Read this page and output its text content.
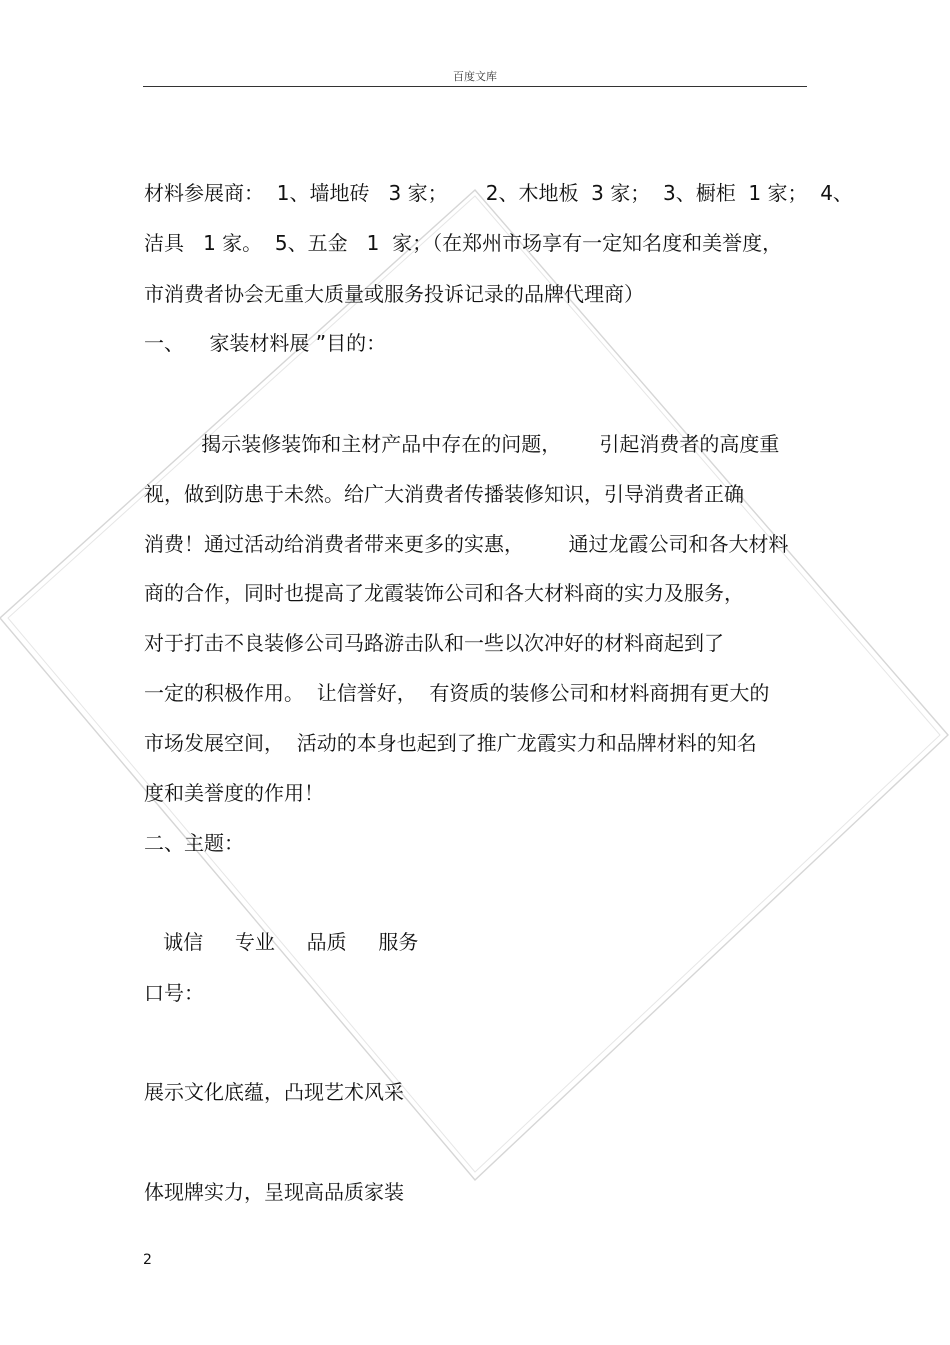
百度文库
材料参展商：  1、墙地砖   3 家；      2、木地板  3 家；  3、橱柜  1 家；  4、
洁具   1 家。  5、五金   1  家；（在郑州市场享有一定知名度和美誉度，
市消费者协会无重大质量或服务投诉记录的品牌代理商）
一、    家装材料展 ”目的：
揭示装修装饰和主材产品中存在的问题，      引起消费者的高度重
视，做到防患于未然。给广大消费者传播装修知识，引导消费者正确
消费！通过活动给消费者带来更多的实惠，       通过龙霞公司和各大材料
商的合作，同时也提高了龙霞装饰公司和各大材料商的实力及服务，
对于打击不良装修公司马路游击队和一些以次冲好的材料商起到了
一定的积极作用。  让信誉好，  有资质的装修公司和材料商拥有更大的
市场发展空间，  活动的本身也起到了推广龙霞实力和品牌材料的知名
度和美誉度的作用！
二、主题：
诚信     专业     品质     服务
口号：
展示文化底蕴，凸现艺术风采
体现牌实力，呈现高品质家装
2
